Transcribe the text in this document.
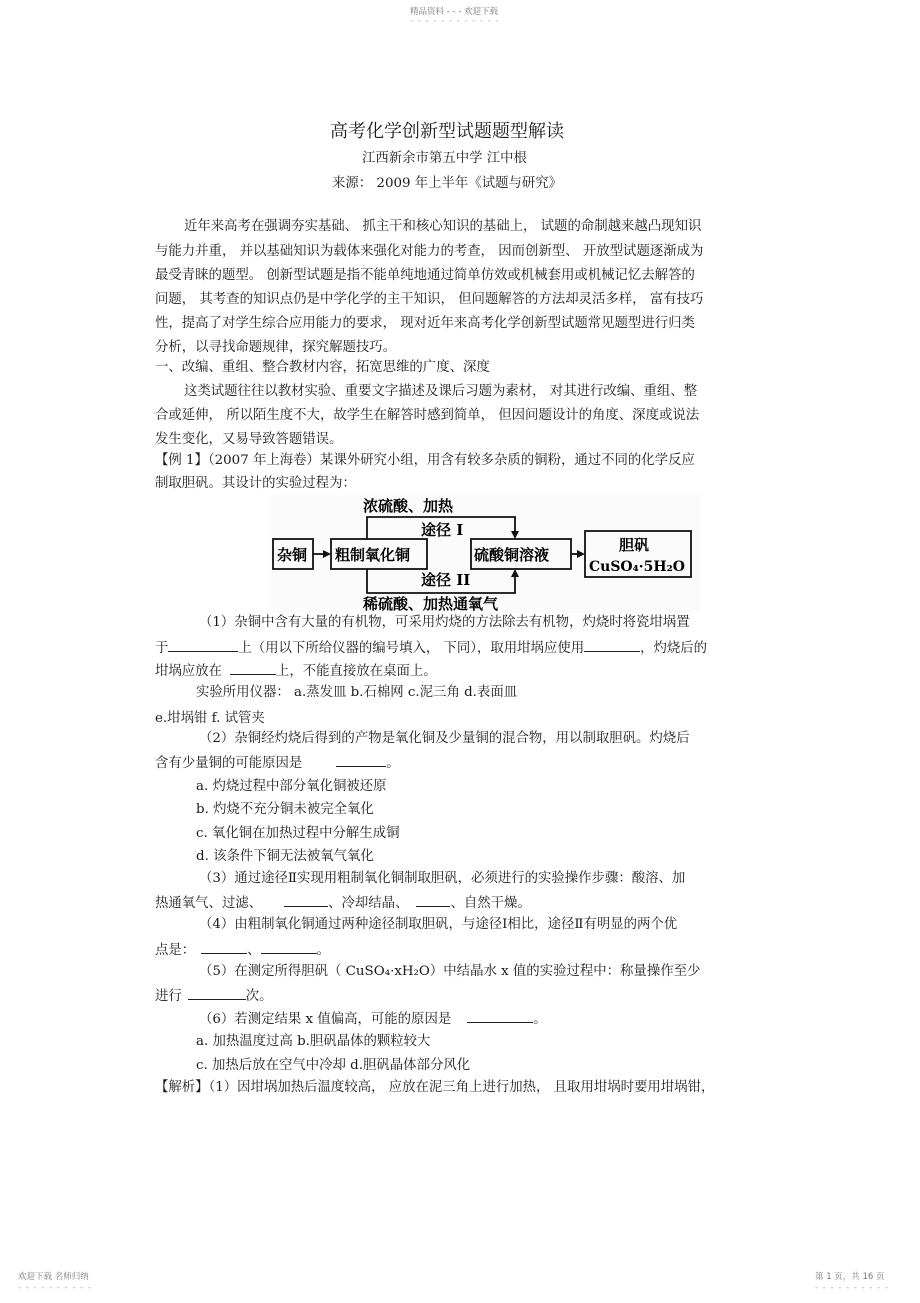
精品资料 - - - 欢迎下载
- - - - - - - - - - - -
高考化学创新型试题题型解读
江西新余市第五中学 江中根
来源： 2009 年上半年《试题与研究》
近年来高考在强调夯实基础、 抓主干和核心知识的基础上， 试题的命制越来越凸现知识
与能力并重， 并以基础知识为载体来强化对能力的考查， 因而创新型、 开放型试题逐渐成为
最受青睐的题型。 创新型试题是指不能单纯地通过简单仿效或机械套用或机械记忆去解答的
问题， 其考查的知识点仍是中学化学的主干知识， 但问题解答的方法却灵活多样， 富有技巧
性，提高了对学生综合应用能力的要求， 现对近年来高考化学创新型试题常见题型进行归类
分析，以寻找命题规律，探究解题技巧。
一、改编、重组、整合教材内容，拓宽思维的广度、深度
这类试题往往以教材实验、重要文字描述及课后习题为素材， 对其进行改编、重组、整
合或延伸， 所以陌生度不大，故学生在解答时感到简单， 但因问题设计的角度、深度或说法
发生变化，又易导致答题错误。
【例 1】（2007 年上海卷）某课外研究小组，用含有较多杂质的铜粉，通过不同的化学反应
制取胆矾。其设计的实验过程为：
浓硫酸、加热
途径 I
途径 II
稀硫酸、加热通氧气
杂铜 粗制氧化铜	硫酸铜溶液
胆矾
CuSO₄·5H₂O
（1）杂铜中含有大量的有机物，可采用灼烧的方法除去有机物，灼烧时将瓷坩埚置
于	上（用以下所给仪器的编号填入， 下同），取用坩埚应使用	，灼烧后的
坩埚应放在	上，不能直接放在桌面上。
实验所用仪器： a.蒸发皿 b.石棉网 c.泥三角 d.表面皿
e.坩埚钳 f. 试管夹
（2）杂铜经灼烧后得到的产物是氧化铜及少量铜的混合物，用以制取胆矾。灼烧后
含有少量铜的可能原因是	。
a. 灼烧过程中部分氧化铜被还原
b. 灼烧不充分铜未被完全氧化
c. 氧化铜在加热过程中分解生成铜
d. 该条件下铜无法被氧气氧化
（3）通过途径Ⅱ实现用粗制氧化铜制取胆矾，必须进行的实验操作步骤：酸溶、加
热通氧气、过滤、	、冷却结晶、	、自然干燥。
（4）由粗制氧化铜通过两种途径制取胆矾，与途径Ⅰ相比，途径Ⅱ有明显的两个优
点是：	、	。
（5）在测定所得胆矾（ CuSO₄·xH₂O）中结晶水 x 值的实验过程中：称量操作至少
进行	次。
（6）若测定结果 x 值偏高，可能的原因是	。
a. 加热温度过高 b.胆矾晶体的颗粒较大
c. 加热后放在空气中冷却 d.胆矾晶体部分风化
【解析】（1）因坩埚加热后温度较高， 应放在泥三角上进行加热， 且取用坩埚时要用坩埚钳，
欢迎下载 名师归纳
- - - - - - - - - -
第 1 页，共 16 页
- - - - - - - - - -
